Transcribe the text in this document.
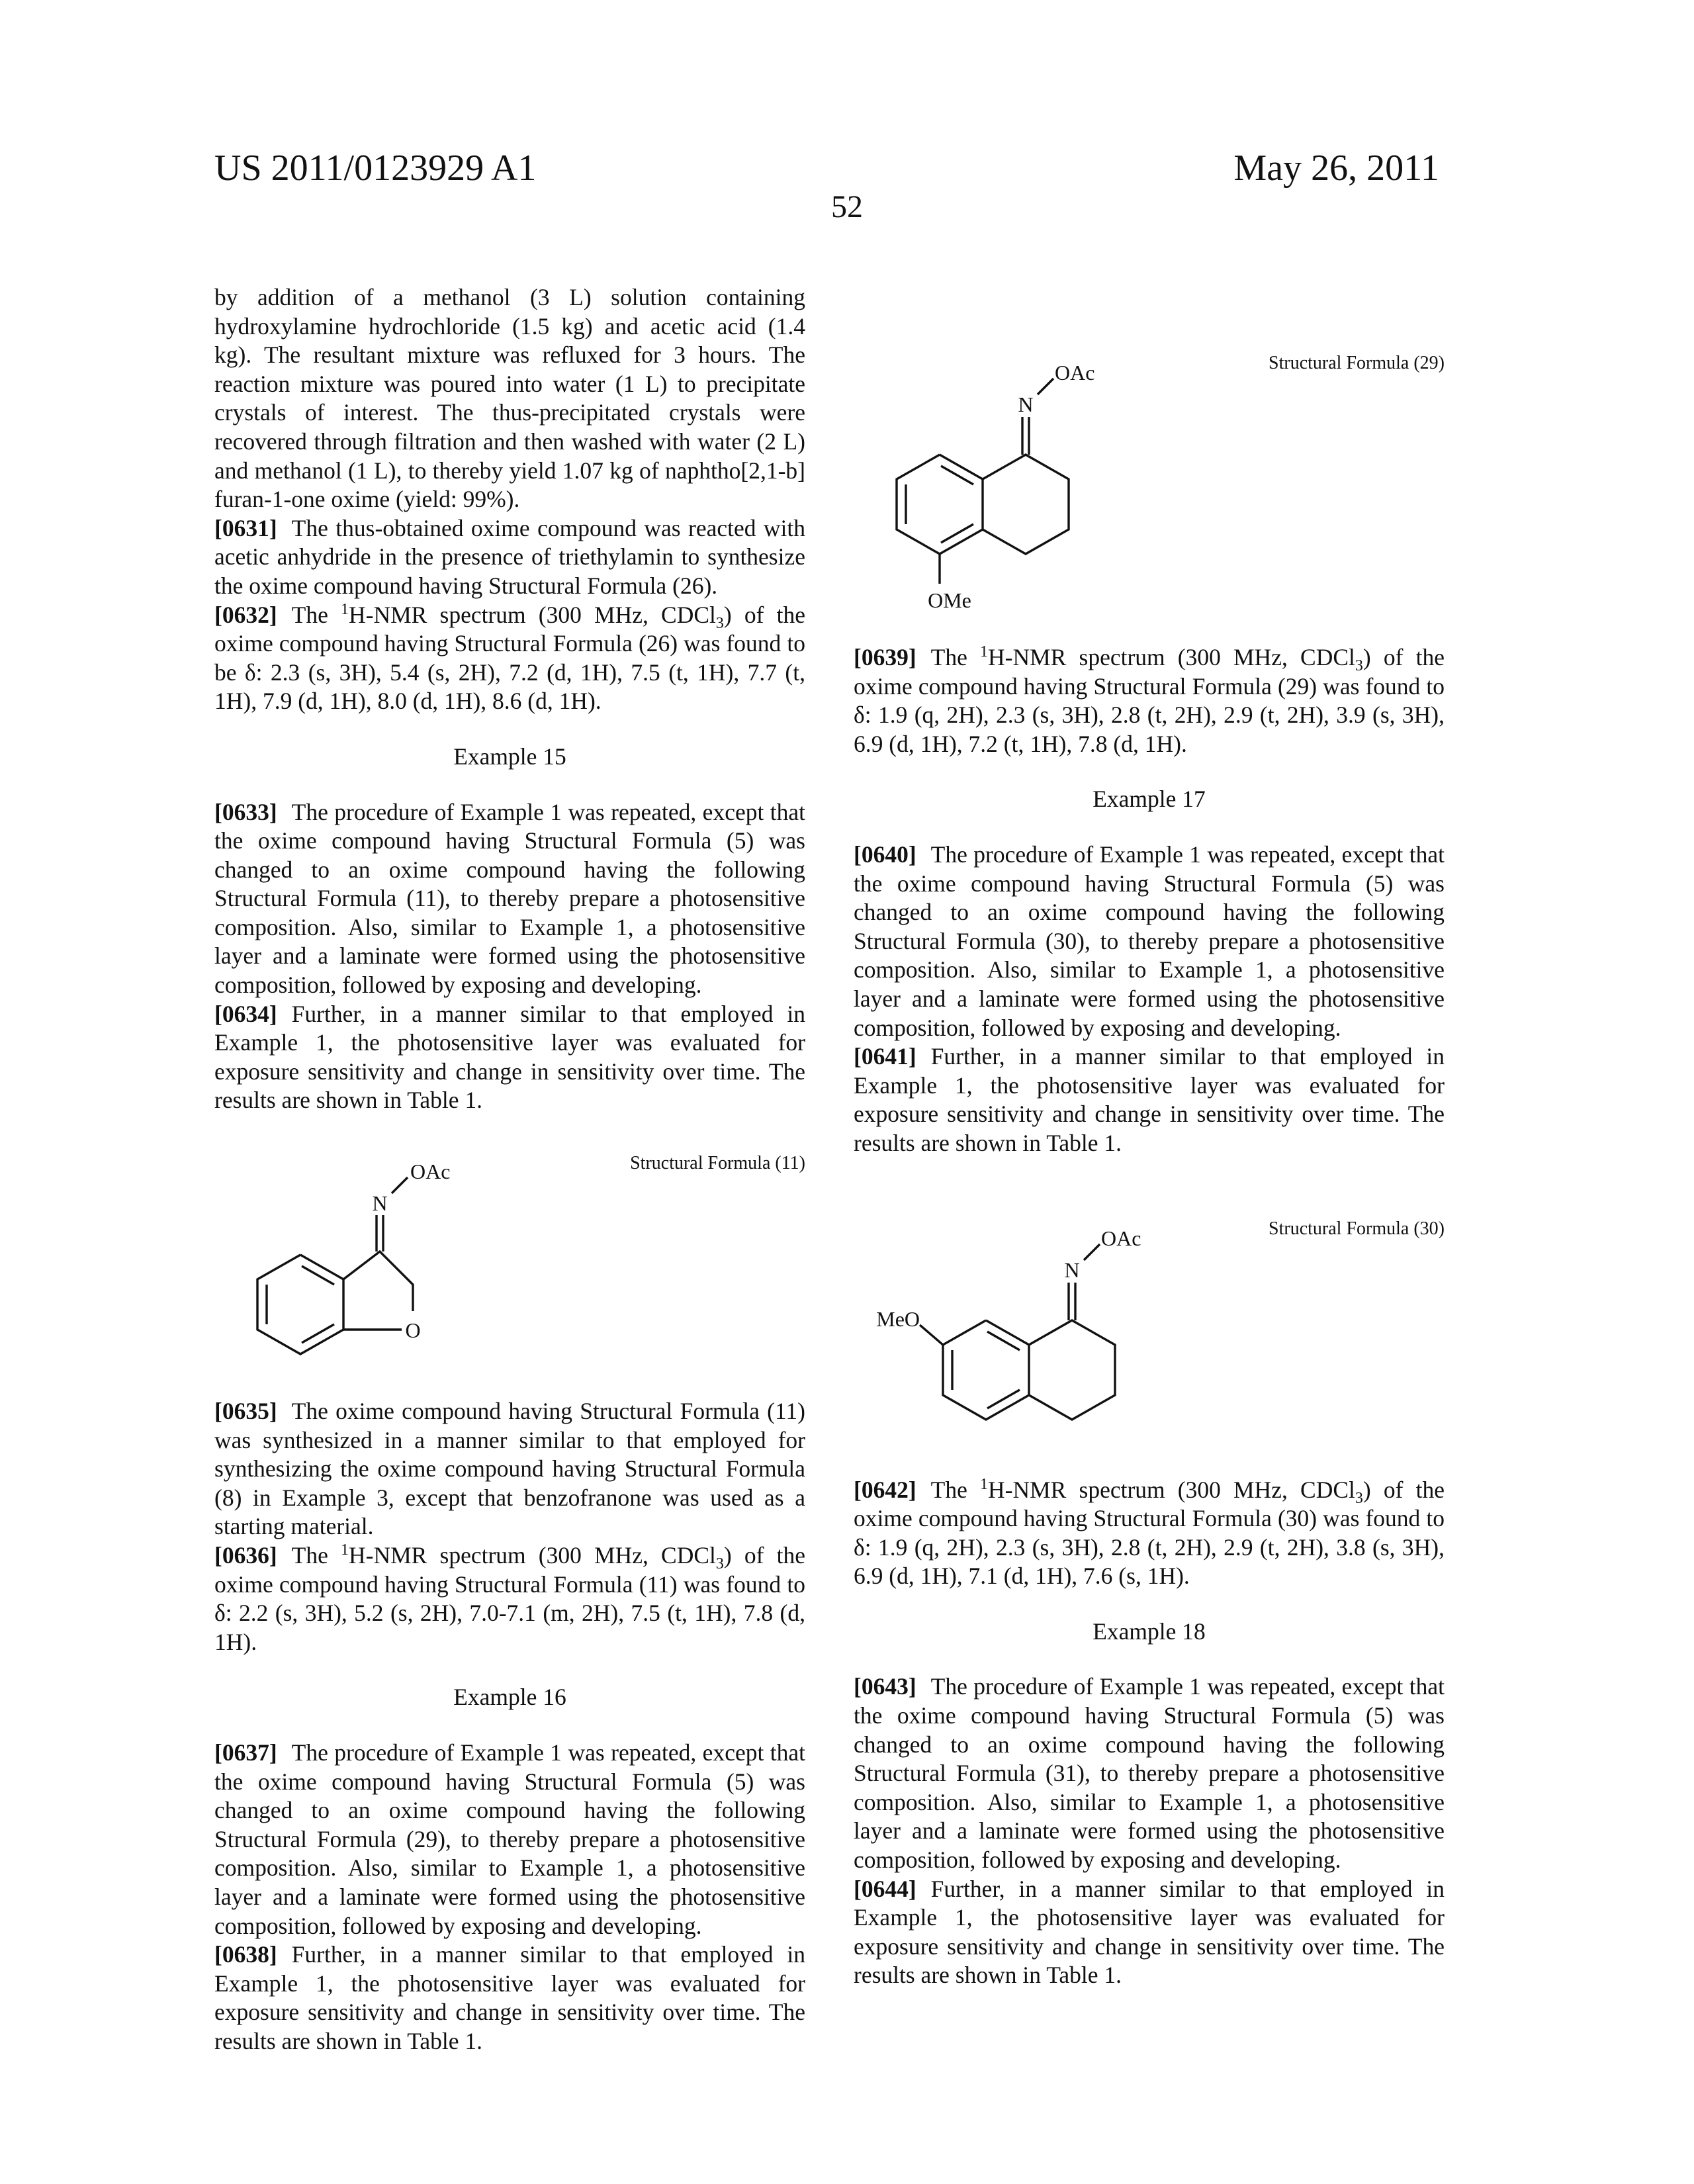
US 2011/0123929 A1	May 26, 2011
52

by addition of a methanol (3 L) solution containing hydroxylamine hydrochloride (1.5 kg) and acetic acid (1.4 kg). The resultant mixture was refluxed for 3 hours. The reaction mixture was poured into water (1 L) to precipitate crystals of interest. The thus-precipitated crystals were recovered through filtration and then washed with water (2 L) and methanol (1 L), to thereby yield 1.07 kg of naphtho[2,1-b] furan-1-one oxime (yield: 99%).

[0631] The thus-obtained oxime compound was reacted with acetic anhydride in the presence of triethylamin to synthesize the oxime compound having Structural Formula (26).

[0632] The 1H-NMR spectrum (300 MHz, CDCl3) of the oxime compound having Structural Formula (26) was found to be δ: 2.3 (s, 3H), 5.4 (s, 2H), 7.2 (d, 1H), 7.5 (t, 1H), 7.7 (t, 1H), 7.9 (d, 1H), 8.0 (d, 1H), 8.6 (d, 1H).

Example 15

[0633] The procedure of Example 1 was repeated, except that the oxime compound having Structural Formula (5) was changed to an oxime compound having the following Structural Formula (11), to thereby prepare a photosensitive composition. Also, similar to Example 1, a photosensitive layer and a laminate were formed using the photosensitive composition, followed by exposing and developing.

[0634] Further, in a manner similar to that employed in Example 1, the photosensitive layer was evaluated for exposure sensitivity and change in sensitivity over time. The results are shown in Table 1.

Structural Formula (11)
N
OAc
O

[0635] The oxime compound having Structural Formula (11) was synthesized in a manner similar to that employed for synthesizing the oxime compound having Structural Formula (8) in Example 3, except that benzofranone was used as a starting material.

[0636] The 1H-NMR spectrum (300 MHz, CDCl3) of the oxime compound having Structural Formula (11) was found to δ: 2.2 (s, 3H), 5.2 (s, 2H), 7.0-7.1 (m, 2H), 7.5 (t, 1H), 7.8 (d, 1H).

Example 16

[0637] The procedure of Example 1 was repeated, except that the oxime compound having Structural Formula (5) was changed to an oxime compound having the following Structural Formula (29), to thereby prepare a photosensitive composition. Also, similar to Example 1, a photosensitive layer and a laminate were formed using the photosensitive composition, followed by exposing and developing.

[0638] Further, in a manner similar to that employed in Example 1, the photosensitive layer was evaluated for exposure sensitivity and change in sensitivity over time. The results are shown in Table 1.

Structural Formula (29)
N
OAc
OMe

[0639] The 1H-NMR spectrum (300 MHz, CDCl3) of the oxime compound having Structural Formula (29) was found to δ: 1.9 (q, 2H), 2.3 (s, 3H), 2.8 (t, 2H), 2.9 (t, 2H), 3.9 (s, 3H), 6.9 (d, 1H), 7.2 (t, 1H), 7.8 (d, 1H).

Example 17

[0640] The procedure of Example 1 was repeated, except that the oxime compound having Structural Formula (5) was changed to an oxime compound having the following Structural Formula (30), to thereby prepare a photosensitive composition. Also, similar to Example 1, a photosensitive layer and a laminate were formed using the photosensitive composition, followed by exposing and developing.

[0641] Further, in a manner similar to that employed in Example 1, the photosensitive layer was evaluated for exposure sensitivity and change in sensitivity over time. The results are shown in Table 1.

Structural Formula (30)
N
OAc
MeO

[0642] The 1H-NMR spectrum (300 MHz, CDCl3) of the oxime compound having Structural Formula (30) was found to δ: 1.9 (q, 2H), 2.3 (s, 3H), 2.8 (t, 2H), 2.9 (t, 2H), 3.8 (s, 3H), 6.9 (d, 1H), 7.1 (d, 1H), 7.6 (s, 1H).

Example 18

[0643] The procedure of Example 1 was repeated, except that the oxime compound having Structural Formula (5) was changed to an oxime compound having the following Structural Formula (31), to thereby prepare a photosensitive composition. Also, similar to Example 1, a photosensitive layer and a laminate were formed using the photosensitive composition, followed by exposing and developing.

[0644] Further, in a manner similar to that employed in Example 1, the photosensitive layer was evaluated for exposure sensitivity and change in sensitivity over time. The results are shown in Table 1.
